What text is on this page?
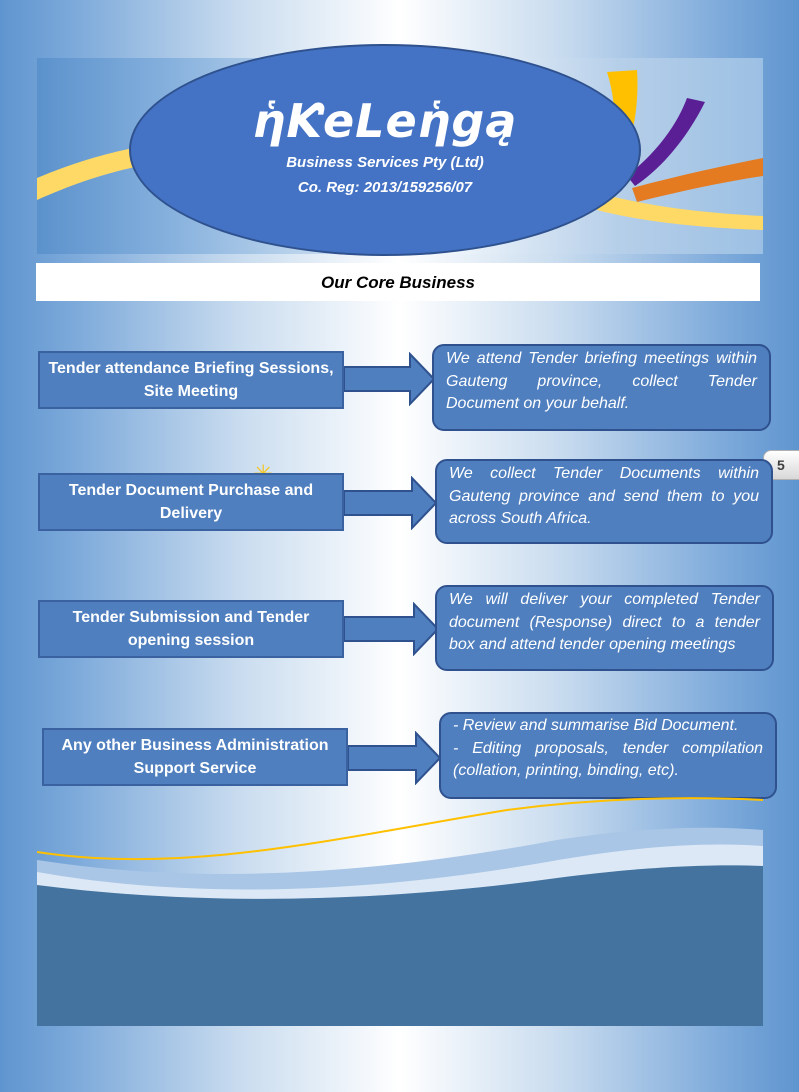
ἡƘeLeἡgą
Business Services Pty (Ltd)
Co. Reg: 2013/159256/07
Our Core Business
5
Tender attendance Briefing Sessions, Site Meeting
We attend Tender briefing meetings within Gauteng province, collect Tender Document on your behalf.
Tender Document Purchase and Delivery
We collect Tender Documents within Gauteng province and send them to you across South Africa.
Tender Submission and Tender opening session
We will deliver your completed Tender document (Response) direct to a tender box and attend tender opening meetings
Any other Business Administration Support Service
- Review and summarise Bid Document.
- Editing proposals, tender compilation (collation, printing, binding, etc).
